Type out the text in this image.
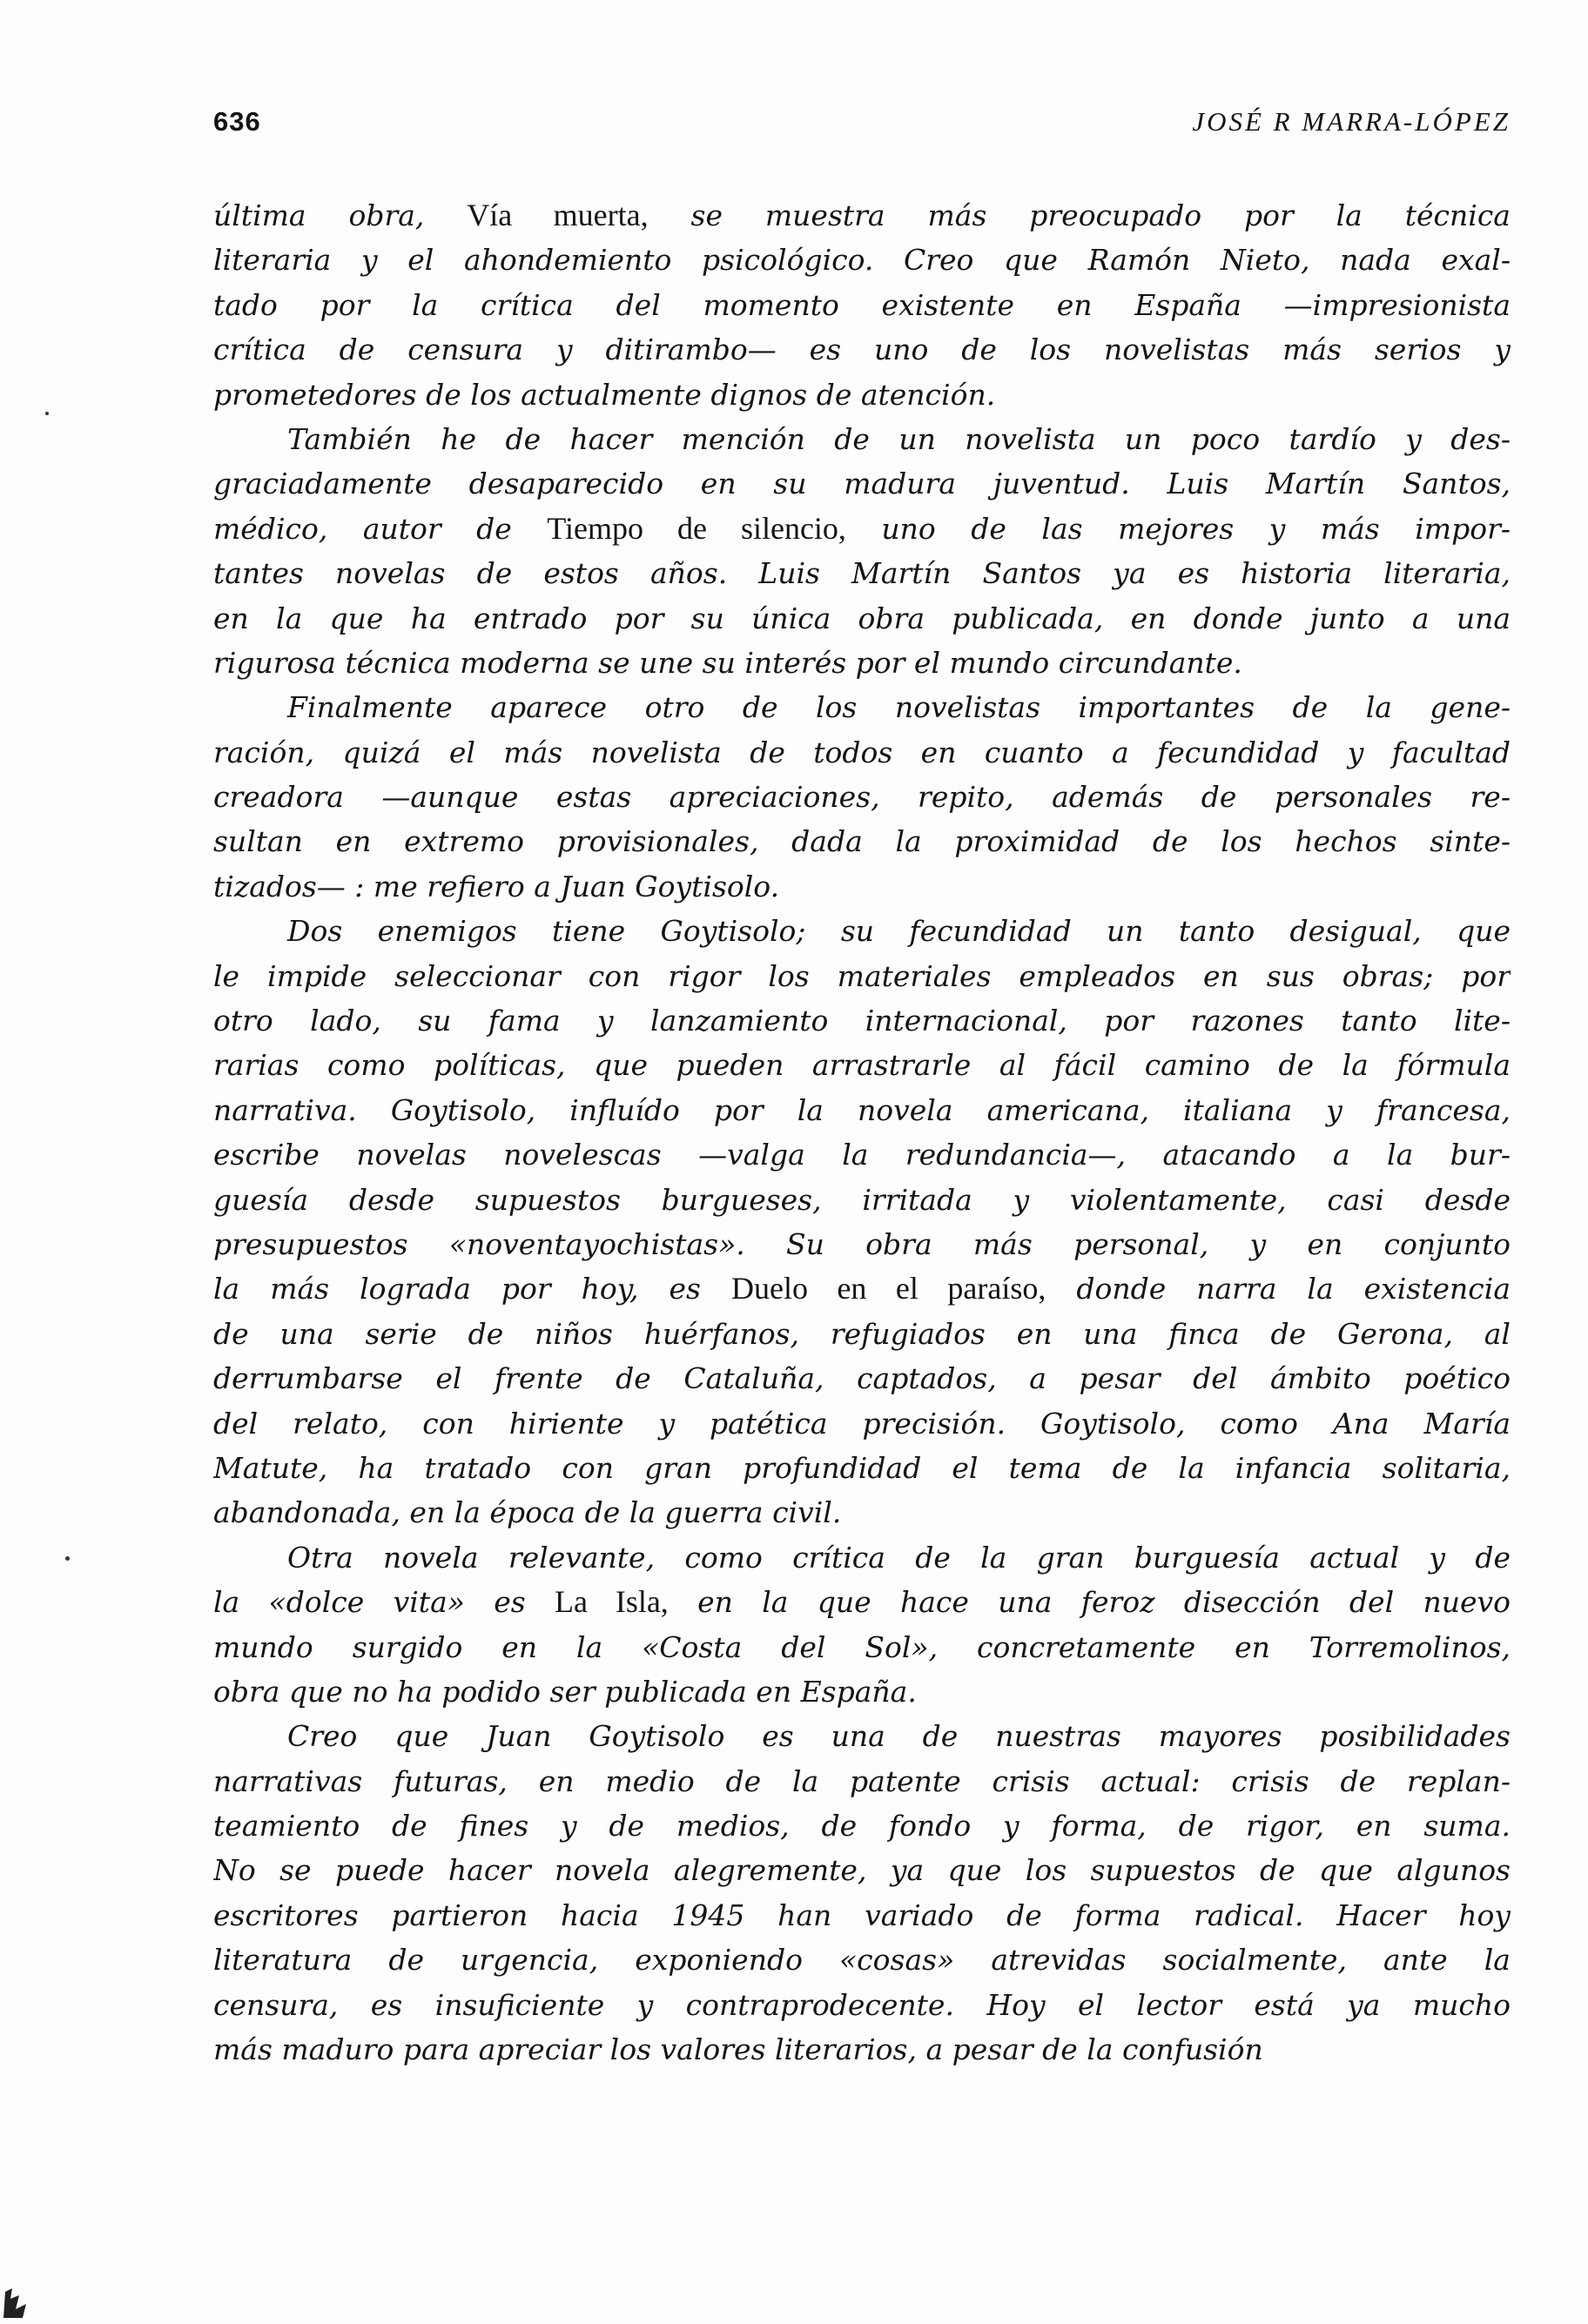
636	JOSÉ R MARRA-LÓPEZ
última obra, Vía muerta, se muestra más preocupado por la técnica
literaria y el ahondemiento psicológico. Creo que Ramón Nieto, nada exal-
tado por la crítica del momento existente en España —impresionista
crítica de censura y ditirambo— es uno de los novelistas más serios y
prometedores de los actualmente dignos de atención.
También he de hacer mención de un novelista un poco tardío y des-
graciadamente desaparecido en su madura juventud. Luis Martín Santos,
médico, autor de Tiempo de silencio, uno de las mejores y más impor-
tantes novelas de estos años. Luis Martín Santos ya es historia literaria,
en la que ha entrado por su única obra publicada, en donde junto a una
rigurosa técnica moderna se une su interés por el mundo circundante.
Finalmente aparece otro de los novelistas importantes de la gene-
ración, quizá el más novelista de todos en cuanto a fecundidad y facultad
creadora —aunque estas apreciaciones, repito, además de personales re-
sultan en extremo provisionales, dada la proximidad de los hechos sinte-
tizados— : me refiero a Juan Goytisolo.
Dos enemigos tiene Goytisolo; su fecundidad un tanto desigual, que
le impide seleccionar con rigor los materiales empleados en sus obras; por
otro lado, su fama y lanzamiento internacional, por razones tanto lite-
rarias como políticas, que pueden arrastrarle al fácil camino de la fórmula
narrativa. Goytisolo, influído por la novela americana, italiana y francesa,
escribe novelas novelescas —valga la redundancia—, atacando a la bur-
guesía desde supuestos burgueses, irritada y violentamente, casi desde
presupuestos «noventayochistas». Su obra más personal, y en conjunto
la más lograda por hoy, es Duelo en el paraíso, donde narra la existencia
de una serie de niños huérfanos, refugiados en una finca de Gerona, al
derrumbarse el frente de Cataluña, captados, a pesar del ámbito poético
del relato, con hiriente y patética precisión. Goytisolo, como Ana María
Matute, ha tratado con gran profundidad el tema de la infancia solitaria,
abandonada, en la época de la guerra civil.
Otra novela relevante, como crítica de la gran burguesía actual y de
la «dolce vita» es La Isla, en la que hace una feroz disección del nuevo
mundo surgido en la «Costa del Sol», concretamente en Torremolinos,
obra que no ha podido ser publicada en España.
Creo que Juan Goytisolo es una de nuestras mayores posibilidades
narrativas futuras, en medio de la patente crisis actual: crisis de replan-
teamiento de fines y de medios, de fondo y forma, de rigor, en suma.
No se puede hacer novela alegremente, ya que los supuestos de que algunos
escritores partieron hacia 1945 han variado de forma radical. Hacer hoy
literatura de urgencia, exponiendo «cosas» atrevidas socialmente, ante la
censura, es insuficiente y contraprodecente. Hoy el lector está ya mucho
más maduro para apreciar los valores literarios, a pesar de la confusión
